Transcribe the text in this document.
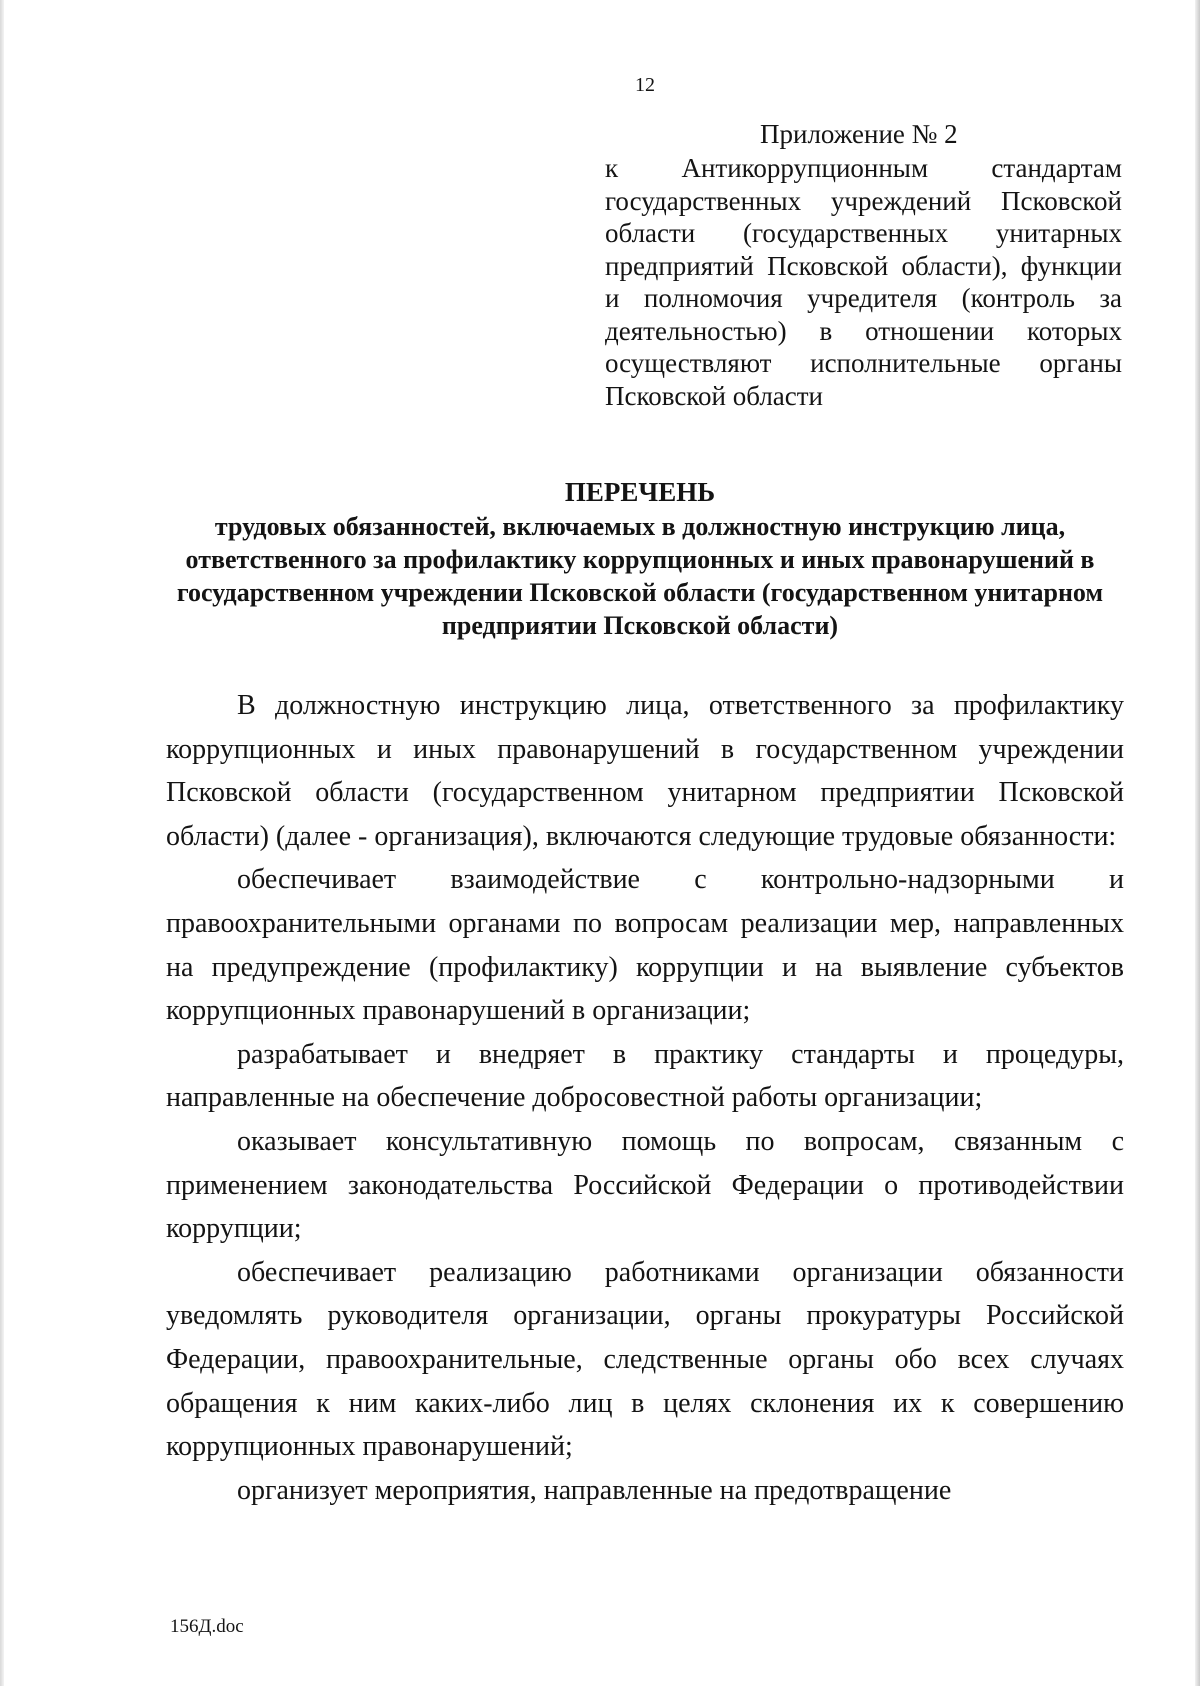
12
Приложение № 2
к Антикоррупционным стандартам государственных учреждений Псковской области (государственных унитарных предприятий Псковской области), функции и полномочия учредителя (контроль за деятельностью) в отношении которых осуществляют исполнительные органы Псковской области

ПЕРЕЧЕНЬ

трудовых обязанностей, включаемых в должностную инструкцию лица, ответственного за профилактику коррупционных и иных правонарушений в государственном учреждении Псковской области (государственном унитарном предприятии Псковской области)

В должностную инструкцию лица, ответственного за профилактику коррупционных и иных правонарушений в государственном учреждении Псковской области (государственном унитарном предприятии Псковской области) (далее - организация), включаются следующие трудовые обязанности:

обеспечивает взаимодействие с контрольно-надзорными и правоохранительными органами по вопросам реализации мер, направленных на предупреждение (профилактику) коррупции и на выявление субъектов коррупционных правонарушений в организации;

разрабатывает и внедряет в практику стандарты и процедуры, направленные на обеспечение добросовестной работы организации;

оказывает консультативную помощь по вопросам, связанным с применением законодательства Российской Федерации о противодействии коррупции;

обеспечивает реализацию работниками организации обязанности уведомлять руководителя организации, органы прокуратуры Российской Федерации, правоохранительные, следственные органы обо всех случаях обращения к ним каких-либо лиц в целях склонения их к совершению коррупционных правонарушений;

организует мероприятия, направленные на предотвращение

156Д.doc
